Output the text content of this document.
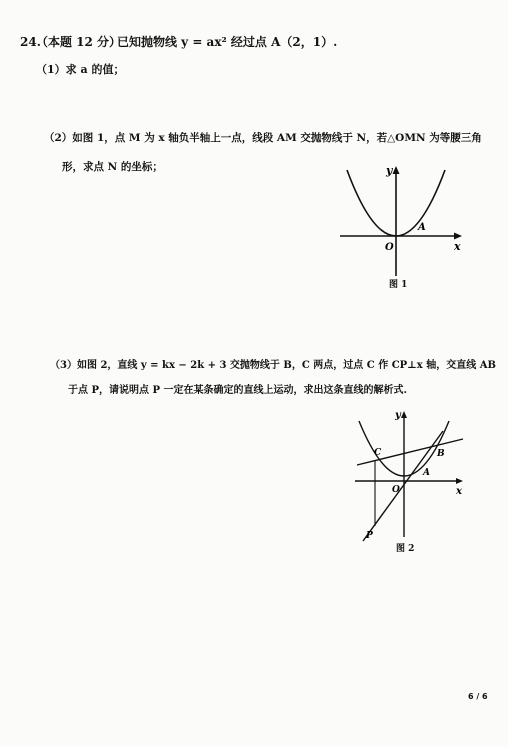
24.
（本题 12 分）
已知抛物线 y = ax² 经过点 A（2，1）.
（1）求 a 的值；
（2）如图 1，点 M 为 x 轴负半轴上一点，线段 AM 交抛物线于 N，若△OMN 为等腰三角
形，求点 N 的坐标；	y
x
O
A
图 1
（3）如图 2，直线 y = kx − 2k + 3 交抛物线于 B，C 两点，过点 C 作 CP⊥x 轴，交直线 AB
于点 P，请说明点 P 一定在某条确定的直线上运动，求出这条直线的解析式.
y
x
O
A
B
C
P
图 2
6 / 6
